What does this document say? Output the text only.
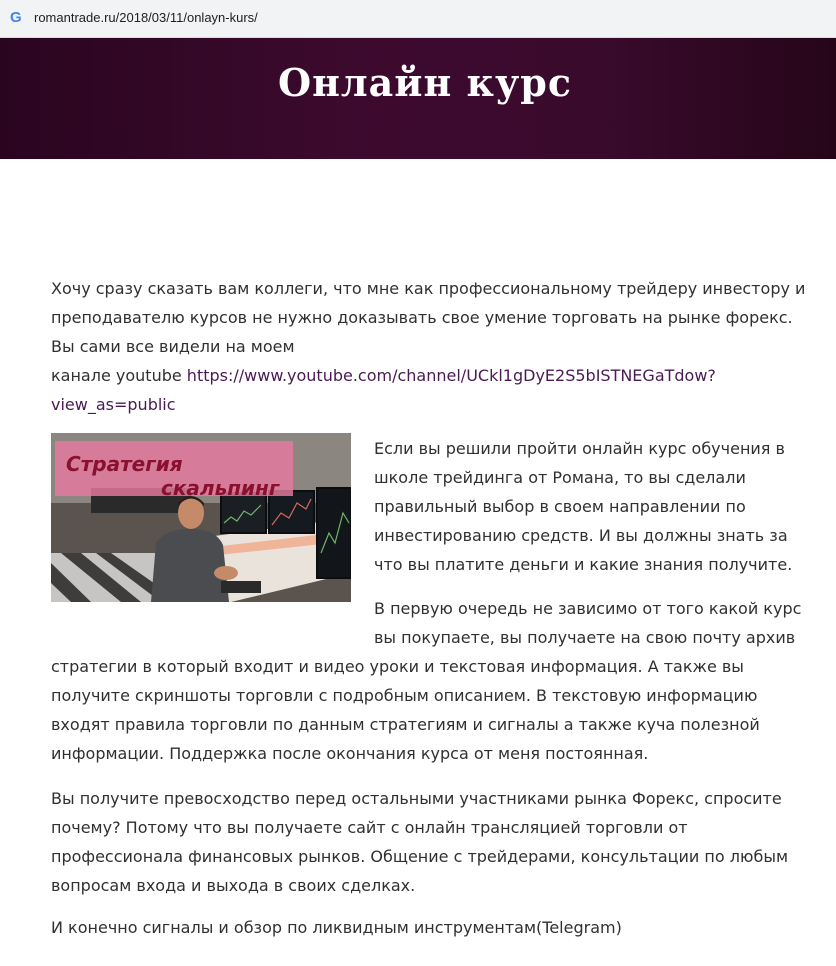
G romantrade.ru/2018/03/11/onlayn-kurs/
Онлайн курс
Хочу сразу сказать вам коллеги, что мне как профессиональному трейдеру инвестору и
преподавателю курсов не нужно доказывать свое умение торговать на рынке форекс.
Вы сами все видели на моем
канале youtube https://www.youtube.com/channel/UCkl1gDyE2S5bISTNEGaTdow?
view_as=public
Стратегия
скальпинг
Если вы решили пройти онлайн курс обучения в
школе трейдинга от Романа, то вы сделали
правильный выбор в своем направлении по
инвестированию средств. И вы должны знать за
что вы платите деньги и какие знания получите.
В первую очередь не зависимо от того какой курс
вы покупаете, вы получаете на свою почту архив
стратегии в который входит и видео уроки и текстовая информация. А также вы
получите скриншоты торговли с подробным описанием. В текстовую информацию
входят правила торговли по данным стратегиям и сигналы а также куча полезной
информации. Поддержка после окончания курса от меня постоянная.
Вы получите превосходство перед остальными участниками рынка Форекс, спросите
почему? Потому что вы получаете сайт с онлайн трансляцией торговли от
профессионала финансовых рынков. Общение с трейдерами, консультации по любым
вопросам входа и выхода в своих сделках.
И конечно сигналы и обзор по ликвидным инструментам(Telegram)
